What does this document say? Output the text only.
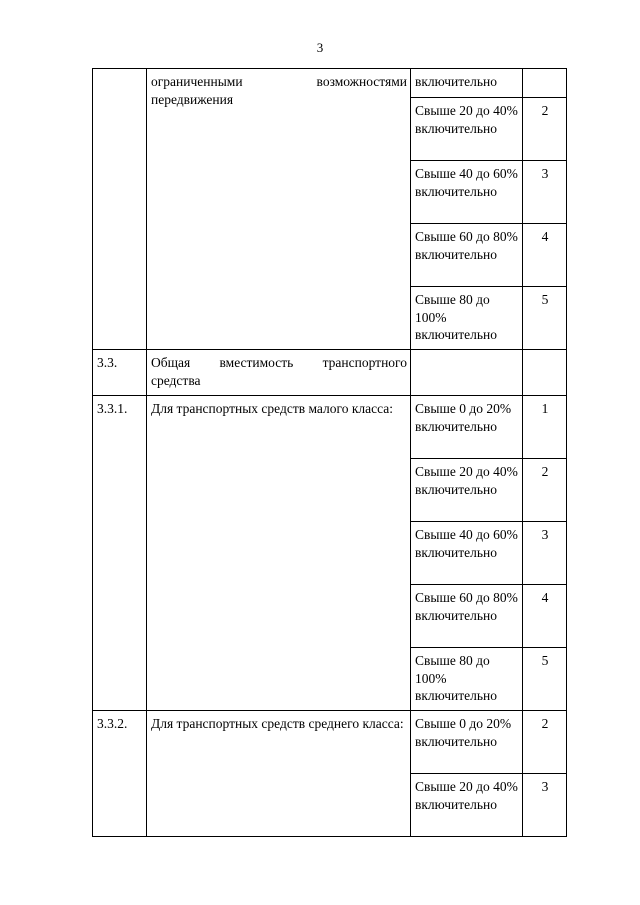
3
	ограниченными возможностями передвижения	включительно	
		Свыше 20 до 40% включительно	2
		Свыше 40 до 60% включительно	3
		Свыше 60 до 80% включительно	4
		Свыше 80 до 100% включительно	5
3.3.	Общая вместимость транспортного средства		
3.3.1.	Для транспортных средств малого класса:	Свыше 0 до 20% включительно	1
		Свыше 20 до 40% включительно	2
		Свыше 40 до 60% включительно	3
		Свыше 60 до 80% включительно	4
		Свыше 80 до 100% включительно	5
3.3.2.	Для транспортных средств среднего класса:	Свыше 0 до 20% включительно	2
		Свыше 20 до 40% включительно	3
